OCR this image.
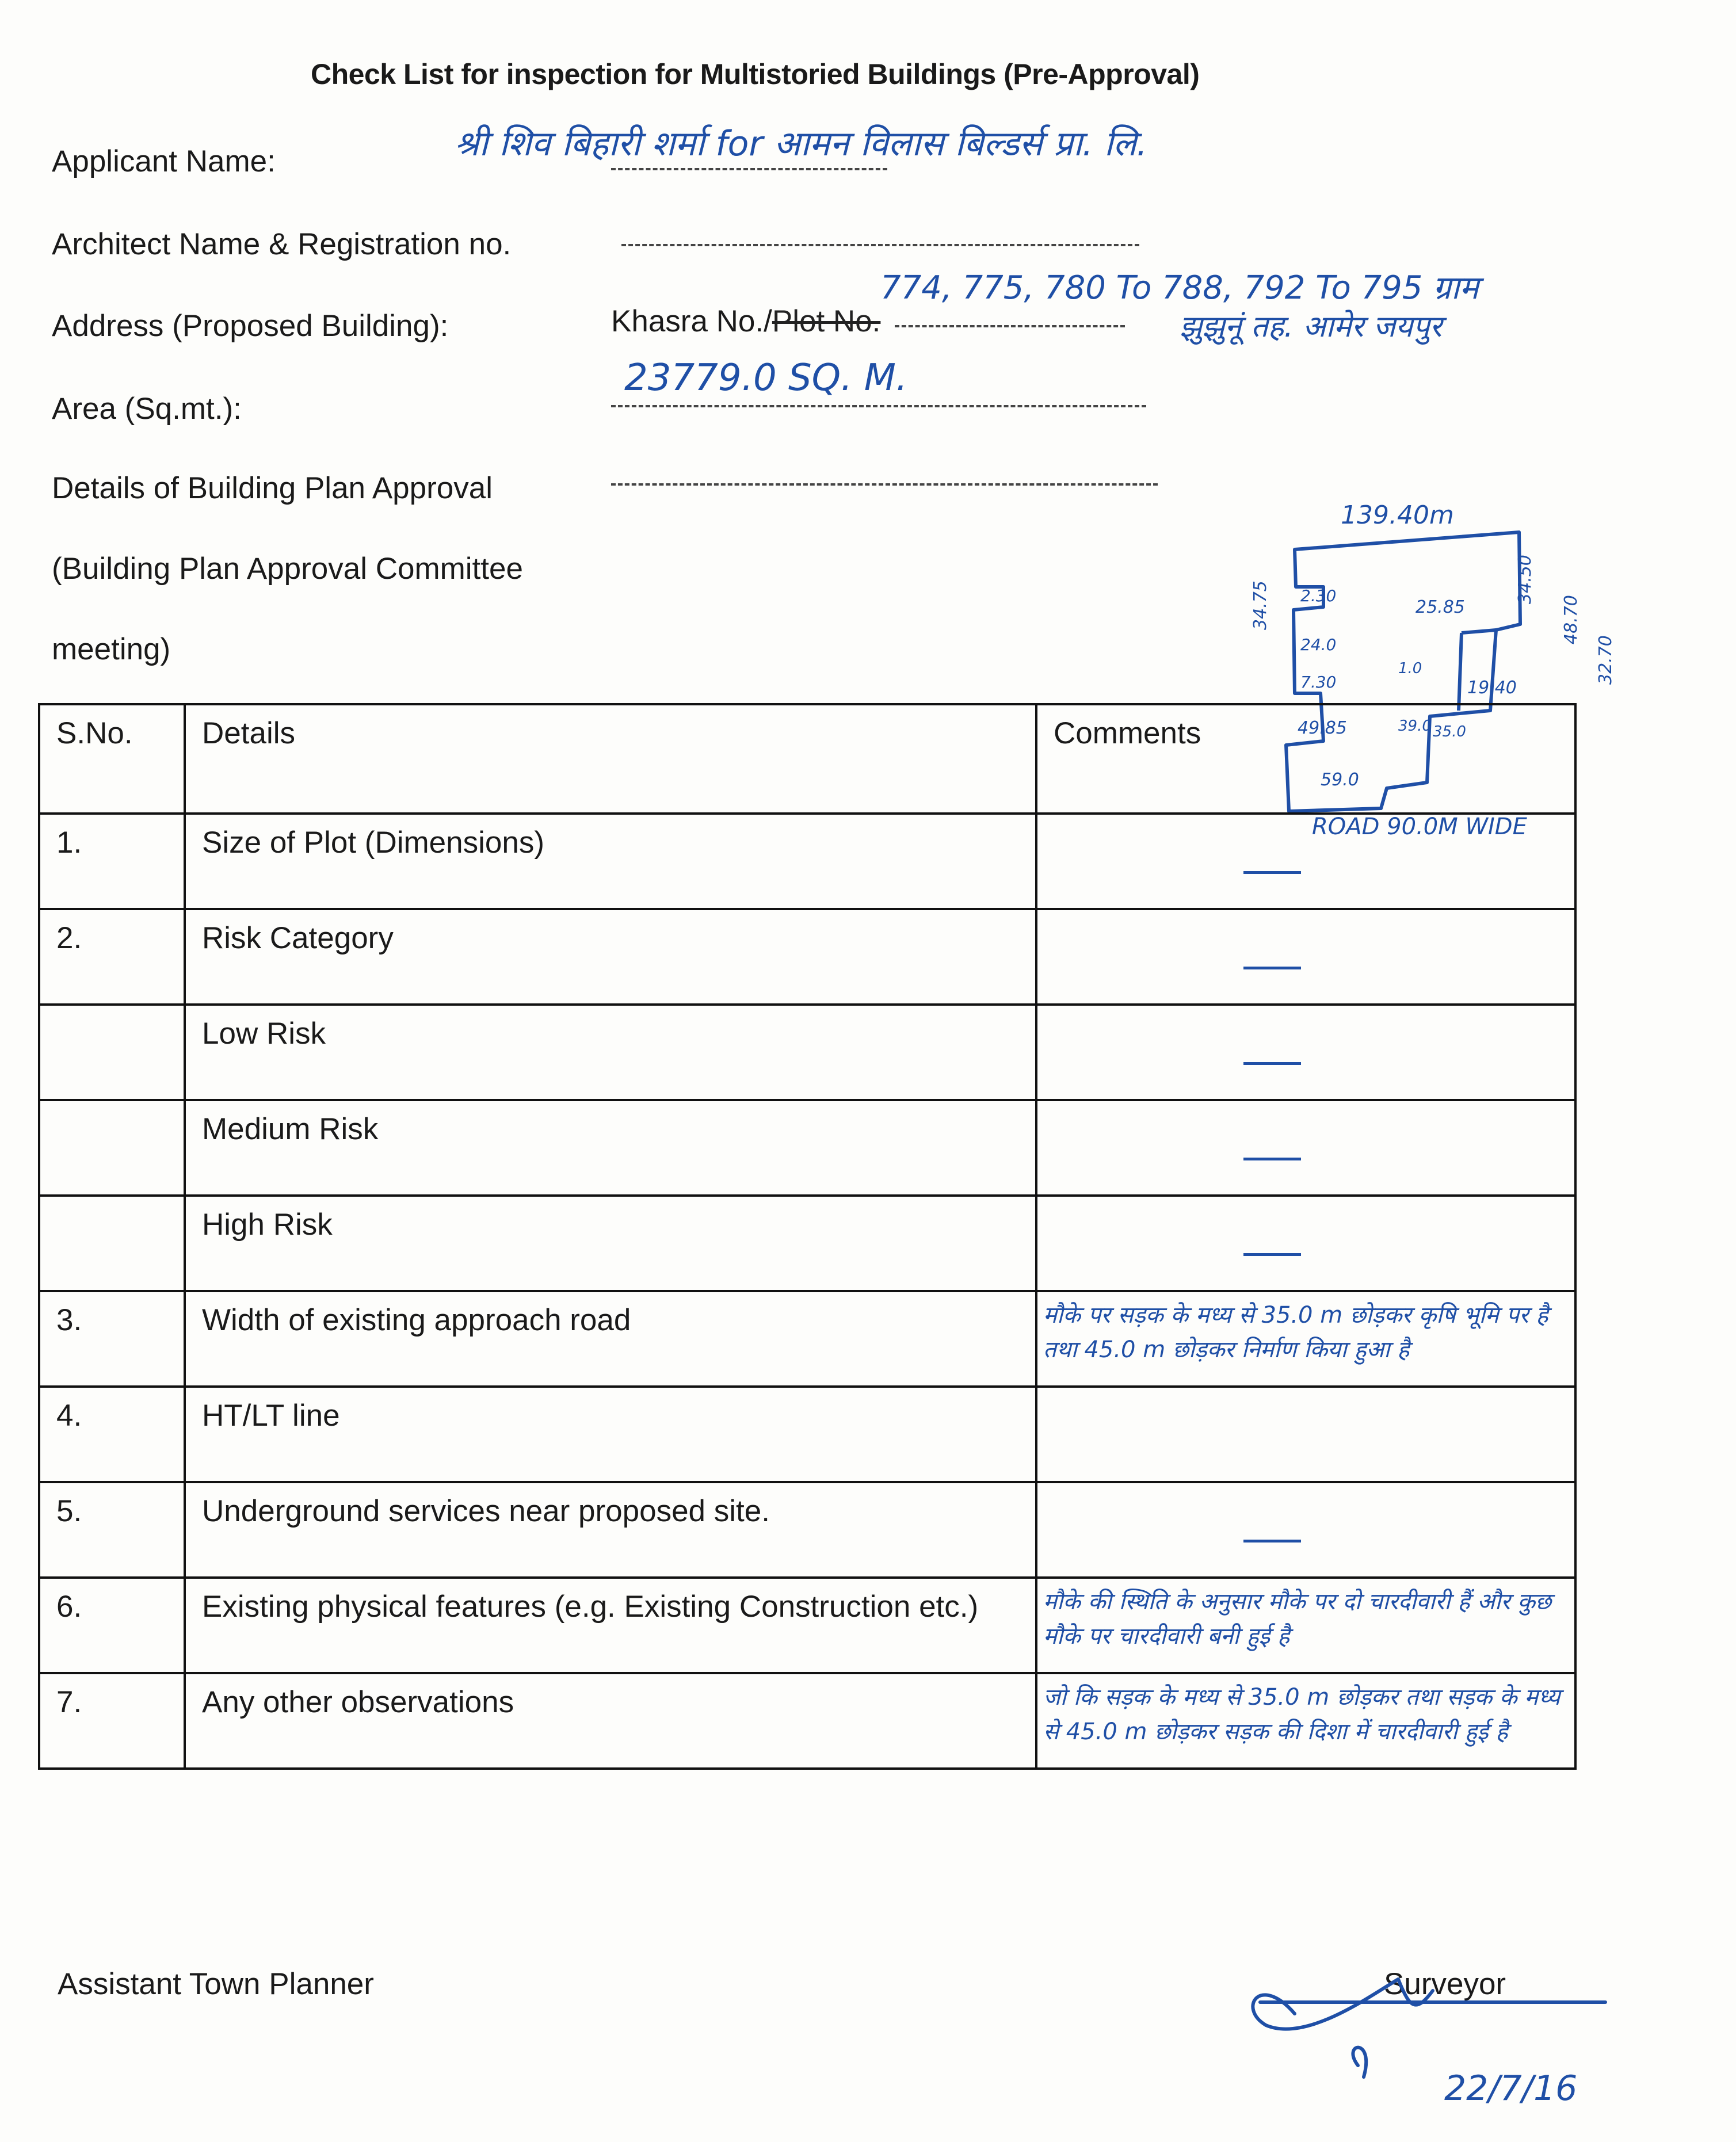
Check List for inspection for Multistoried Buildings (Pre-Approval)
Applicant Name:	श्री शिव बिहारी शर्मा for आमन विलास बिल्डर्स प्रा. लि.
Architect Name & Registration no.
Address (Proposed Building):	Khasra No./Plot No.
774, 775, 780 To 788, 792 To 795 ग्राम
झुझुनूं तह. आमेर जयपुर
Area (Sq.mt.):
23779.0 SQ. M.
Details of Building Plan Approval
(Building Plan Approval Committee
meeting)
139.40m
34.75
34.50
2.30
24.0
7.30
49.85
59.0
25.85
19.40
1.0
35.0
39.0
48.70
32.70
ROAD 90.0M WIDE
S.No.	Details	Comments
1.	Size of Plot (Dimensions)	
2.	Risk Category	
	Low Risk	
	Medium Risk	
	High Risk	
3.	Width of existing approach road	मौके पर सड़क के मध्य से 35.0 m छोड़कर कृषि भूमि पर है तथा 45.0 m छोड़कर निर्माण किया हुआ है

4.	HT/LT line	
5.	Underground services near proposed site.	
6.	Existing physical features (e.g. Existing Construction etc.)	मौके की स्थिति के अनुसार मौके पर दो चारदीवारी हैं और कुछ मौके पर चारदीवारी बनी हुई है

7.	Any other observations	जो कि सड़क के मध्य से 35.0 m छोड़कर तथा सड़क के मध्य से 45.0 m छोड़कर सड़क की दिशा में चारदीवारी हुई है
Assistant Town Planner	Surveyor
22/7/16
